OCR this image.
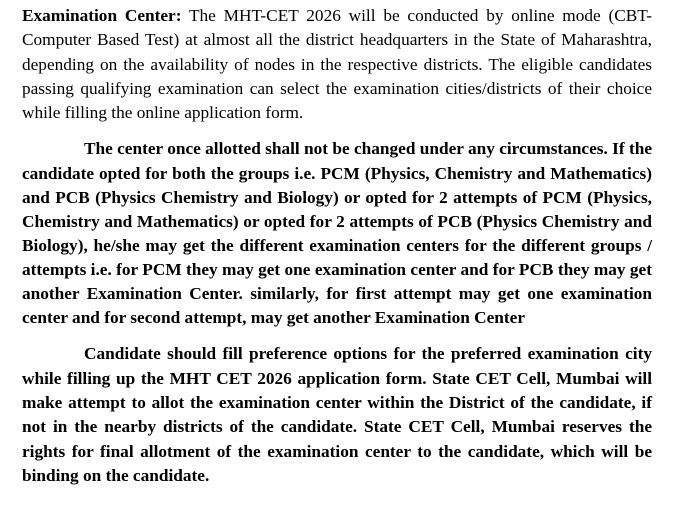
Examination Center: The MHT-CET 2026 will be conducted by online mode (CBT- Computer Based Test) at almost all the district headquarters in the State of Maharashtra, depending on the availability of nodes in the respective districts. The eligible candidates passing qualifying examination can select the examination cities/districts of their choice while filling the online application form.

The center once allotted shall not be changed under any circumstances. If the candidate opted for both the groups i.e. PCM (Physics, Chemistry and Mathematics) and PCB (Physics Chemistry and Biology) or opted for 2 attempts of PCM (Physics, Chemistry and Mathematics) or opted for 2 attempts of PCB (Physics Chemistry and Biology), he/she may get the different examination centers for the different groups / attempts i.e. for PCM they may get one examination center and for PCB they may get another Examination Center. similarly, for first attempt may get one examination center and for second attempt, may get another Examination Center

Candidate should fill preference options for the preferred examination city while filling up the MHT CET 2026 application form. State CET Cell, Mumbai will make attempt to allot the examination center within the District of the candidate, if not in the nearby districts of the candidate. State CET Cell, Mumbai reserves the rights for final allotment of the examination center to the candidate, which will be binding on the candidate.
